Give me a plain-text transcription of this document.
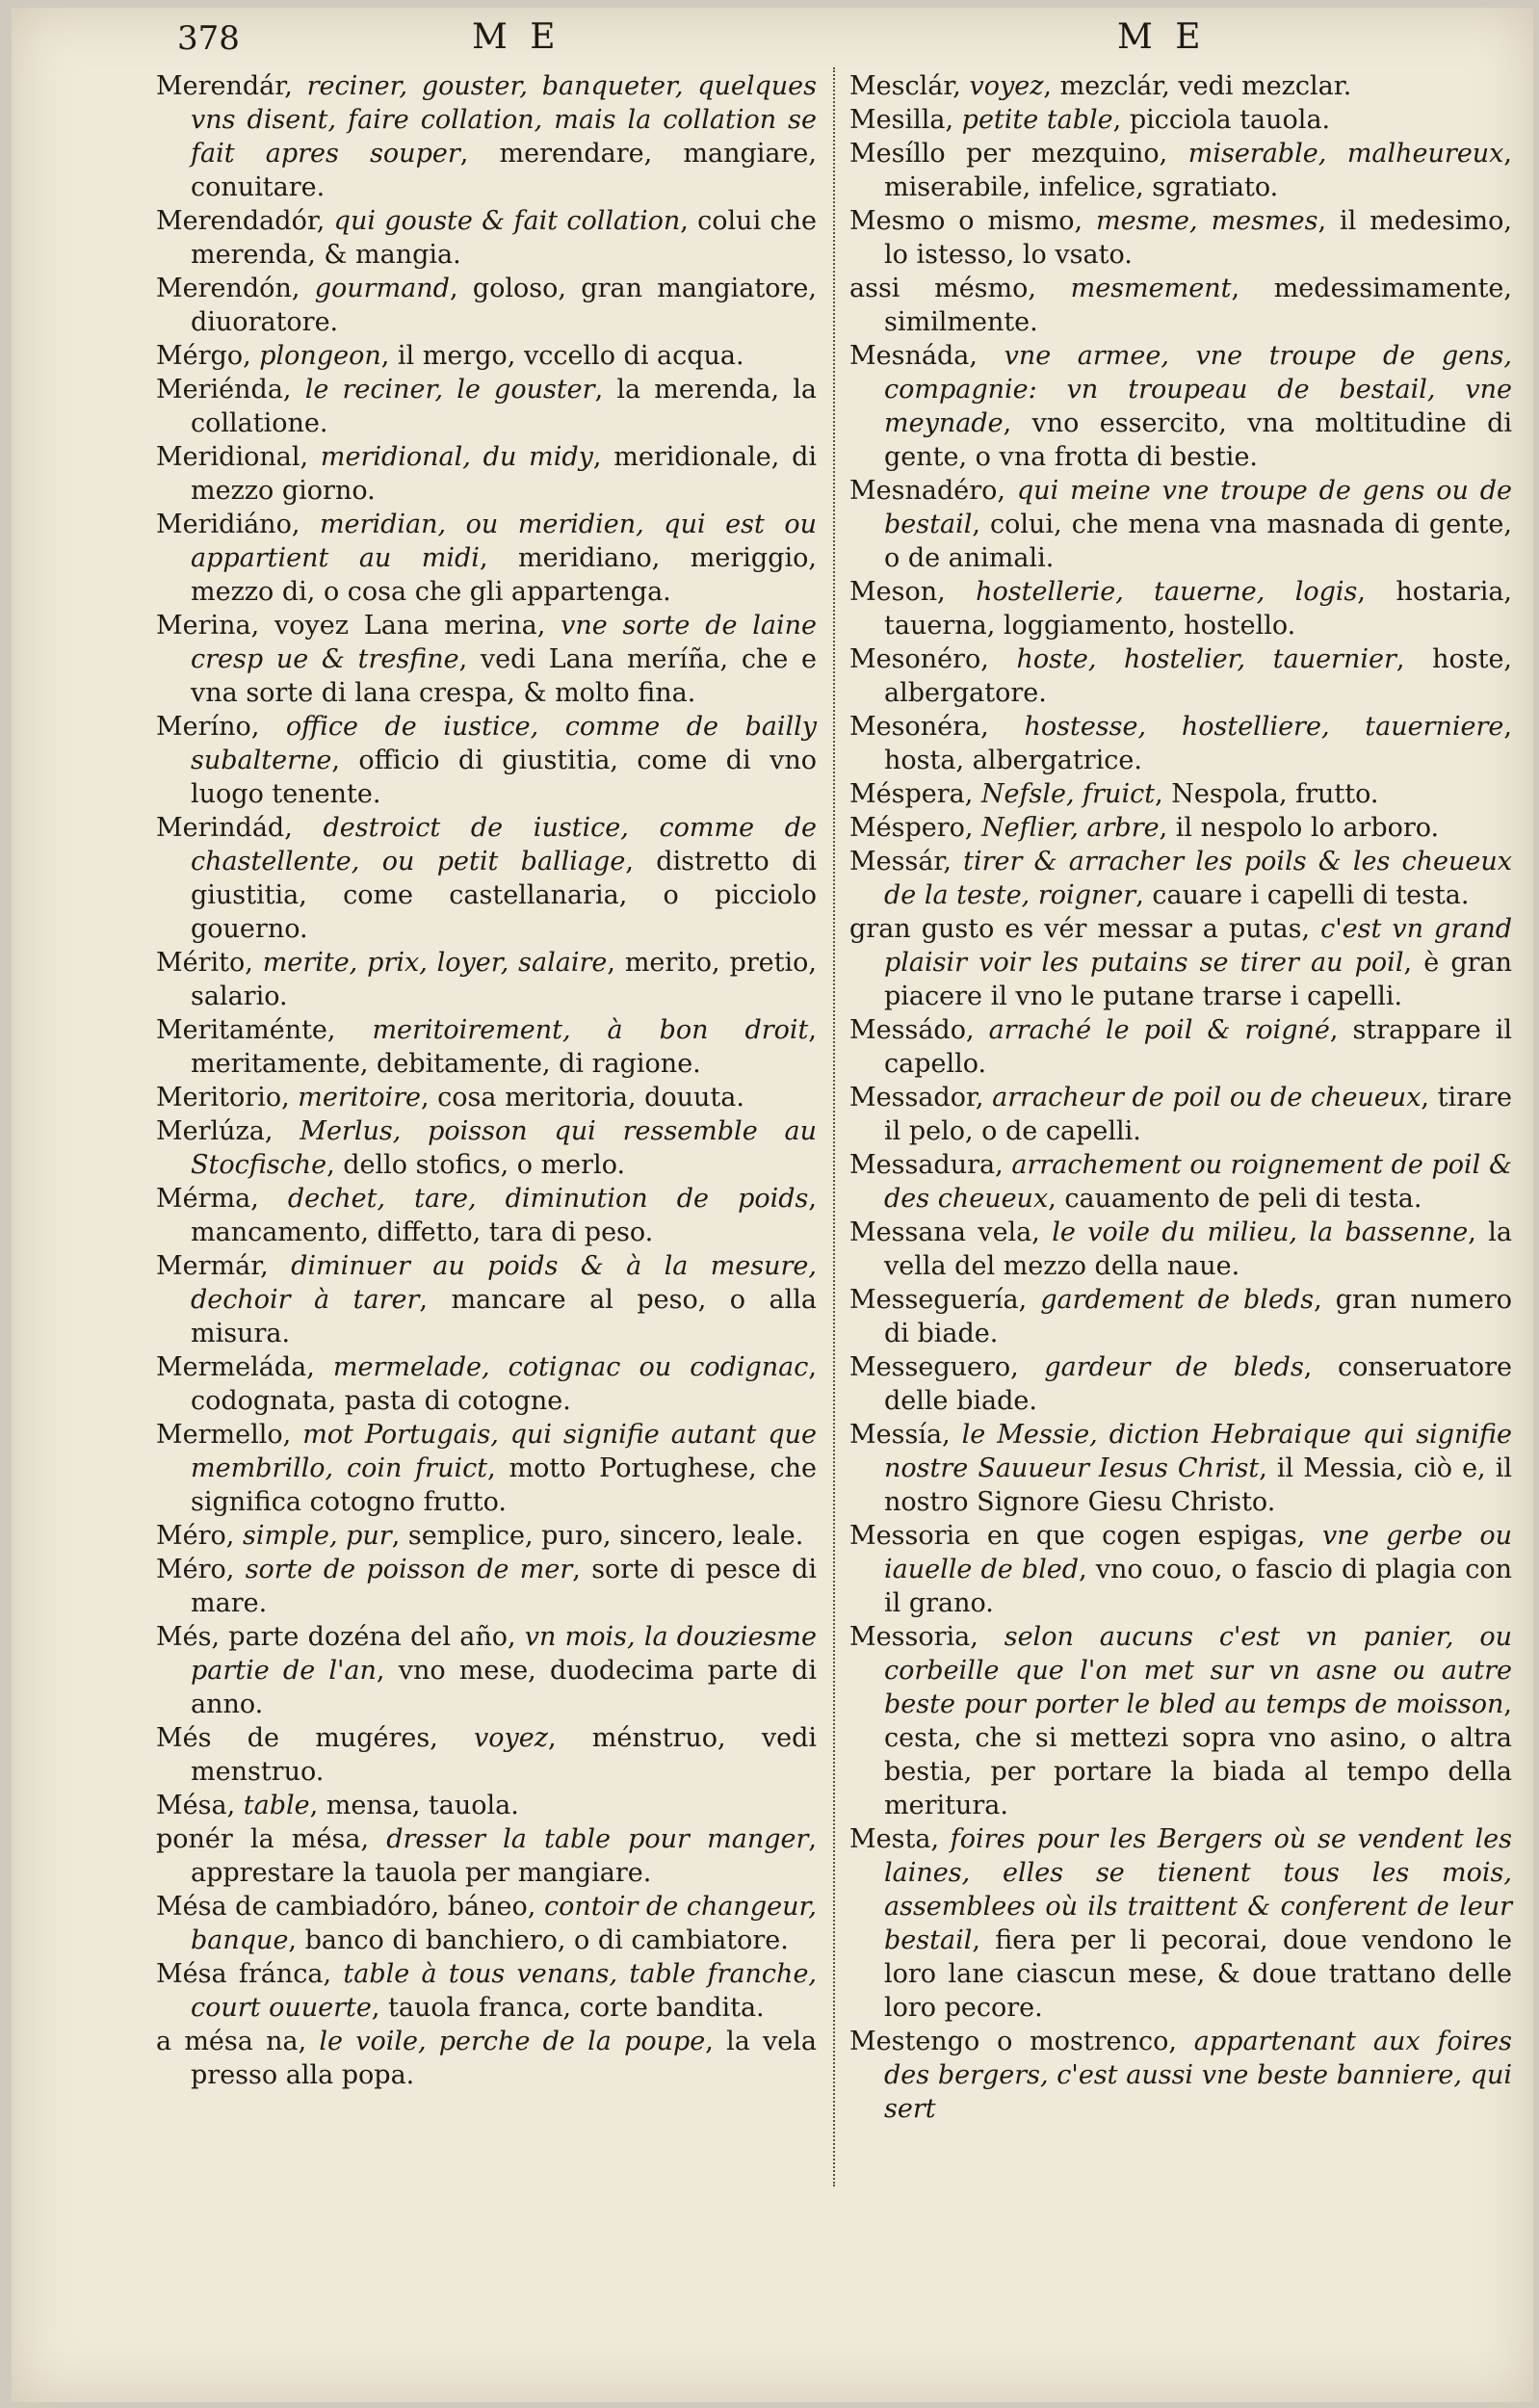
378	M E	M E

Merendár, reciner, gouster, banqueter, quelques vns disent, faire collation, mais la collation se fait apres souper, merendare, mangiare, conuitare.

Merendadór, qui gouste & fait collation, colui che merenda, & mangia.

Merendón, gourmand, goloso, gran mangiatore, diuoratore.

Mérgo, plongeon, il mergo, vccello di acqua.

Meriénda, le reciner, le gouster, la merenda, la collatione.

Meridional, meridional, du midy, meridionale, di mezzo giorno.

Meridiáno, meridian, ou meridien, qui est ou appartient au midi, meridiano, meriggio, mezzo di, o cosa che gli appartenga.

Merina, voyez Lana merina, vne sorte de laine cresp ue & tresfine, vedi Lana meríña, che e vna sorte di lana crespa, & molto fina.

Meríno, office de iustice, comme de bailly subalterne, officio di giustitia, come di vno luogo tenente.

Merindád, destroict de iustice, comme de chastellente, ou petit balliage, distretto di giustitia, come castellanaria, o picciolo gouerno.

Mérito, merite, prix, loyer, salaire, merito, pretio, salario.

Meritaménte, meritoirement, à bon droit, meritamente, debitamente, di ragione.

Meritorio, meritoire, cosa meritoria, douuta.

Merlúza, Merlus, poisson qui ressemble au Stocfische, dello stofics, o merlo.

Mérma, dechet, tare, diminution de poids, mancamento, diffetto, tara di peso.

Mermár, diminuer au poids & à la mesure, dechoir à tarer, mancare al peso, o alla misura.

Mermeláda, mermelade, cotignac ou codignac, codognata, pasta di cotogne.

Mermello, mot Portugais, qui signifie autant que membrillo, coin fruict, motto Portughese, che significa cotogno frutto.

Méro, simple, pur, semplice, puro, sincero, leale.

Méro, sorte de poisson de mer, sorte di pesce di mare.

Més, parte dozéna del año, vn mois, la douziesme partie de l'an, vno mese, duodecima parte di anno.

Més de mugéres, voyez, ménstruo, vedi menstruo.

Mésa, table, mensa, tauola.

ponér la mésa, dresser la table pour manger, apprestare la tauola per mangiare.

Mésa de cambiadóro, báneo, contoir de changeur, banque, banco di banchiero, o di cambiatore.

Mésa fránca, table à tous venans, table franche, court ouuerte, tauola franca, corte bandita.

a mésa na, le voile, perche de la poupe, la vela presso alla popa.

Mesclár, voyez, mezclár, vedi mezclar.

Mesilla, petite table, picciola tauola.

Mesíllo per mezquino, miserable, malheureux, miserabile, infelice, sgratiato.

Mesmo o mismo, mesme, mesmes, il medesimo, lo istesso, lo vsato.

assi mésmo, mesmement, medessimamente, similmente.

Mesnáda, vne armee, vne troupe de gens, compagnie: vn troupeau de bestail, vne meynade, vno essercito, vna moltitudine di gente, o vna frotta di bestie.

Mesnadéro, qui meine vne troupe de gens ou de bestail, colui, che mena vna masnada di gente, o de animali.

Meson, hostellerie, tauerne, logis, hostaria, tauerna, loggiamento, hostello.

Mesonéro, hoste, hostelier, tauernier, hoste, albergatore.

Mesonéra, hostesse, hostelliere, tauerniere, hosta, albergatrice.

Méspera, Nefsle, fruict, Nespola, frutto.

Méspero, Neflier, arbre, il nespolo lo arboro.

Messár, tirer & arracher les poils & les cheueux de la teste, roigner, cauare i capelli di testa.

gran gusto es vér messar a putas, c'est vn grand plaisir voir les putains se tirer au poil, è gran piacere il vno le putane trarse i capelli.

Messádo, arraché le poil & roigné, strappare il capello.

Messador, arracheur de poil ou de cheueux, tirare il pelo, o de capelli.

Messadura, arrachement ou roignement de poil & des cheueux, cauamento de peli di testa.

Messana vela, le voile du milieu, la bassenne, la vella del mezzo della naue.

Messeguería, gardement de bleds, gran numero di biade.

Messeguero, gardeur de bleds, conseruatore delle biade.

Messía, le Messie, diction Hebraique qui signifie nostre Sauueur Iesus Christ, il Messia, ciò e, il nostro Signore Giesu Christo.

Messoria en que cogen espigas, vne gerbe ou iauelle de bled, vno couo, o fascio di plagia con il grano.

Messoria, selon aucuns c'est vn panier, ou corbeille que l'on met sur vn asne ou autre beste pour porter le bled au temps de moisson, cesta, che si mettezi sopra vno asino, o altra bestia, per portare la biada al tempo della meritura.

Mesta, foires pour les Bergers où se vendent les laines, elles se tienent tous les mois, assemblees où ils traittent & conferent de leur bestail, fiera per li pecorai, doue vendono le loro lane ciascun mese, & doue trattano delle loro pecore.

Mestengo o mostrenco, appartenant aux foires des bergers, c'est aussi vne beste banniere, qui sert
